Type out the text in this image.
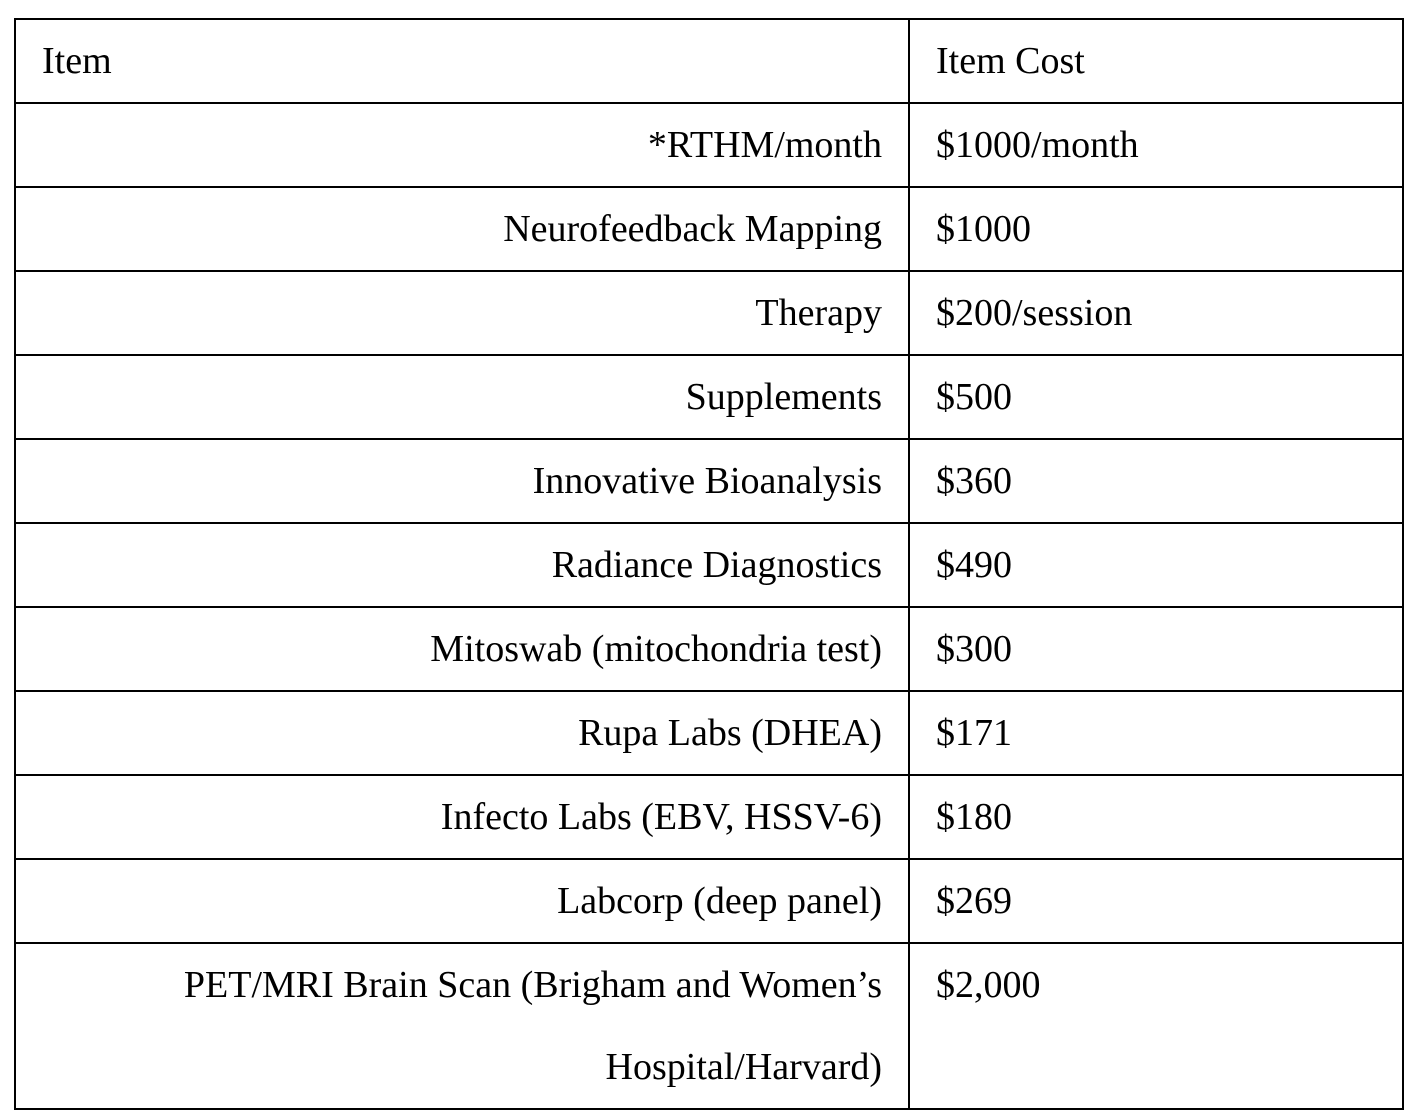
Item	Item Cost
*RTHM/month	$1000/month
Neurofeedback Mapping	$1000
Therapy	$200/session
Supplements	$500
Innovative Bioanalysis	$360
Radiance Diagnostics	$490
Mitoswab (mitochondria test)	$300
Rupa Labs (DHEA)	$171
Infecto Labs (EBV, HSSV-6)	$180
Labcorp (deep panel)	$269
PET/MRI Brain Scan (Brigham and Women’s Hospital/Harvard)	$2,000
